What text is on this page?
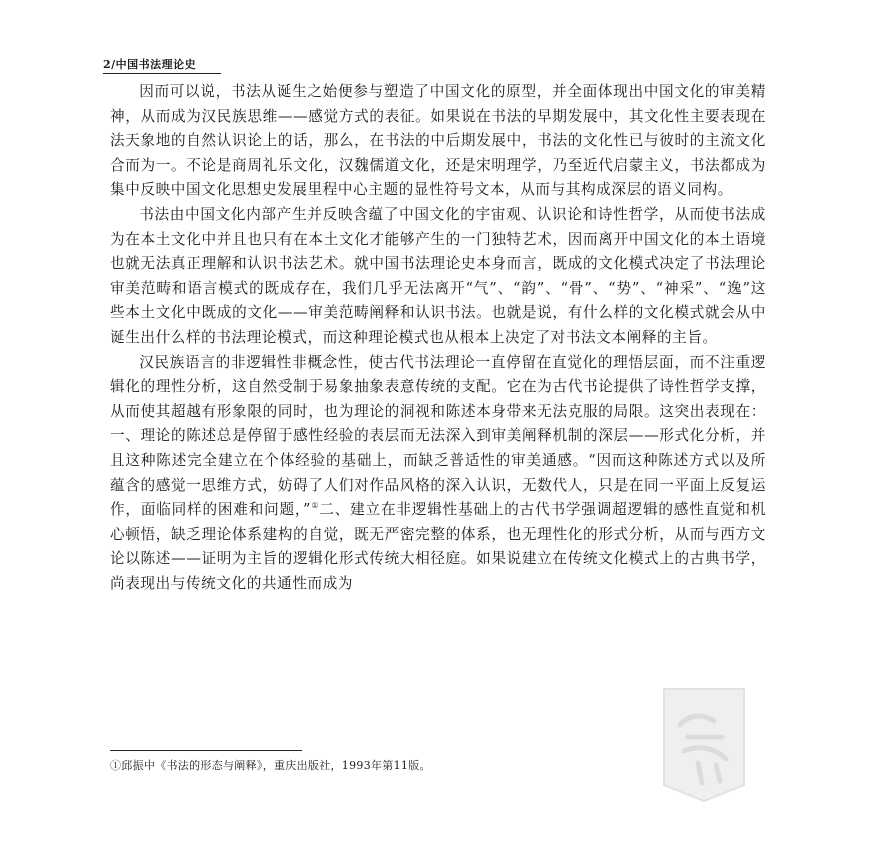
2/中国书法理论史

因而可以说，书法从诞生之始便参与塑造了中国文化的原型，并全面体现出中国文化的审美精神，从而成为汉民族思维——感觉方式的表征。如果说在书法的早期发展中，其文化性主要表现在法天象地的自然认识论上的话，那么，在书法的中后期发展中，书法的文化性已与彼时的主流文化合而为一。不论是商周礼乐文化，汉魏儒道文化，还是宋明理学，乃至近代启蒙主义，书法都成为集中反映中国文化思想史发展里程中心主题的显性符号文本，从而与其构成深层的语义同构。

书法由中国文化内部产生并反映含蕴了中国文化的宇宙观、认识论和诗性哲学，从而使书法成为在本土文化中并且也只有在本土文化才能够产生的一门独特艺术，因而离开中国文化的本土语境也就无法真正理解和认识书法艺术。就中国书法理论史本身而言，既成的文化模式决定了书法理论审美范畴和语言模式的既成存在，我们几乎无法离开“气”、“韵”、“骨”、“势”、“神采”、“逸”这些本土文化中既成的文化——审美范畴阐释和认识书法。也就是说，有什么样的文化模式就会从中诞生出什么样的书法理论模式，而这种理论模式也从根本上决定了对书法文本阐释的主旨。

汉民族语言的非逻辑性非概念性，使古代书法理论一直停留在直觉化的理悟层面，而不注重逻辑化的理性分析，这自然受制于易象抽象表意传统的支配。它在为古代书论提供了诗性哲学支撑，从而使其超越有形象限的同时，也为理论的洞视和陈述本身带来无法克服的局限。这突出表现在：一、理论的陈述总是停留于感性经验的表层而无法深入到审美阐释机制的深层——形式化分析，并且这种陈述完全建立在个体经验的基础上，而缺乏普适性的审美通感。“因而这种陈述方式以及所蕴含的感觉一思维方式，妨碍了人们对作品风格的深入认识，无数代人，只是在同一平面上反复运作，面临同样的困难和问题，”①二、建立在非逻辑性基础上的古代书学强调超逻辑的感性直觉和机心顿悟，缺乏理论体系建构的自觉，既无严密完整的体系，也无理性化的形式分析，从而与西方文论以陈述——证明为主旨的逻辑化形式传统大相径庭。如果说建立在传统文化模式上的古典书学，尚表现出与传统文化的共通性而成为

①邱振中《书法的形态与阐释》，重庆出版社，1993年第11版。
